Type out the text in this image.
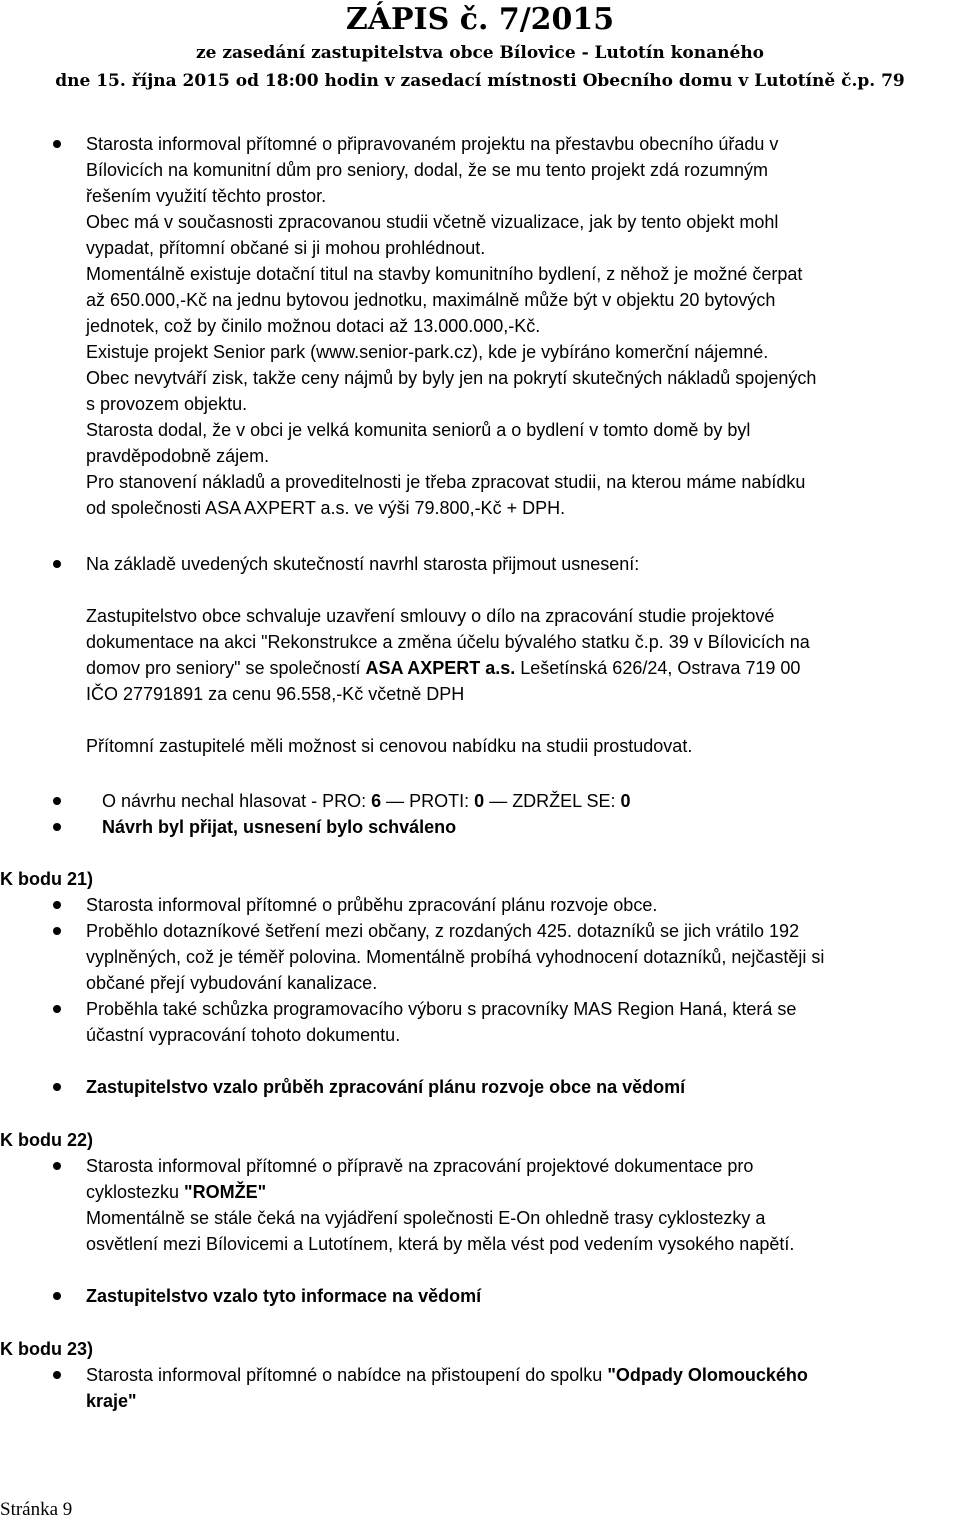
ZÁPIS č. 7/2015
ze zasedání zastupitelstva obce Bílovice - Lutotín konaného
dne 15. října 2015 od 18:00 hodin v zasedací místnosti Obecního domu v Lutotíně č.p. 79
Starosta informoval přítomné o připravovaném projektu na přestavbu obecního úřadu v
Bílovicích na komunitní dům pro seniory, dodal, že se mu tento projekt zdá rozumným
řešením využití těchto prostor.
Obec má v současnosti zpracovanou studii včetně vizualizace, jak by tento objekt mohl
vypadat, přítomní občané si ji mohou prohlédnout.
Momentálně existuje dotační titul na stavby komunitního bydlení, z něhož je možné čerpat
až 650.000,-Kč na jednu bytovou jednotku, maximálně může být v objektu 20 bytových
jednotek, což by činilo možnou dotaci až 13.000.000,-Kč.
Existuje projekt Senior park (www.senior-park.cz), kde je vybíráno komerční nájemné.
Obec nevytváří zisk, takže ceny nájmů by byly jen na pokrytí skutečných nákladů spojených
s provozem objektu.
Starosta dodal, že v obci je velká komunita seniorů a o bydlení v tomto domě by byl
pravděpodobně zájem.
Pro stanovení nákladů a proveditelnosti je třeba zpracovat studii, na kterou máme nabídku
od společnosti ASA AXPERT a.s. ve výši 79.800,-Kč + DPH.
Na základě uvedených skutečností navrhl starosta přijmout usnesení:
Zastupitelstvo obce schvaluje uzavření smlouvy o dílo na zpracování studie projektové
dokumentace na akci "Rekonstrukce a změna účelu bývalého statku č.p. 39 v Bílovicích na
domov pro seniory" se společností ASA AXPERT a.s. Lešetínská 626/24, Ostrava 719 00
IČO 27791891 za cenu 96.558,-Kč včetně DPH
Přítomní zastupitelé měli možnost si cenovou nabídku na studii prostudovat.
O návrhu nechal hlasovat - PRO: 6 — PROTI: 0 — ZDRŽEL SE: 0
Návrh byl přijat, usnesení bylo schváleno
K bodu 21)
Starosta informoval přítomné o průběhu zpracování plánu rozvoje obce.
Proběhlo dotazníkové šetření mezi občany, z rozdaných 425. dotazníků se jich vrátilo 192
vyplněných, což je téměř polovina. Momentálně probíhá vyhodnocení dotazníků, nejčastěji si
občané přejí vybudování kanalizace.
Proběhla také schůzka programovacího výboru s pracovníky MAS Region Haná, která se
účastní vypracování tohoto dokumentu.
Zastupitelstvo vzalo průběh zpracování plánu rozvoje obce na vědomí
K bodu 22)
Starosta informoval přítomné o přípravě na zpracování projektové dokumentace pro
cyklostezku "ROMŽE"
Momentálně se stále čeká na vyjádření společnosti E-On ohledně trasy cyklostezky a
osvětlení mezi Bílovicemi a Lutotínem, která by měla vést pod vedením vysokého napětí.
Zastupitelstvo vzalo tyto informace na vědomí
K bodu 23)
Starosta informoval přítomné o nabídce na přistoupení do spolku "Odpady Olomouckého
kraje"
Stránka 9
